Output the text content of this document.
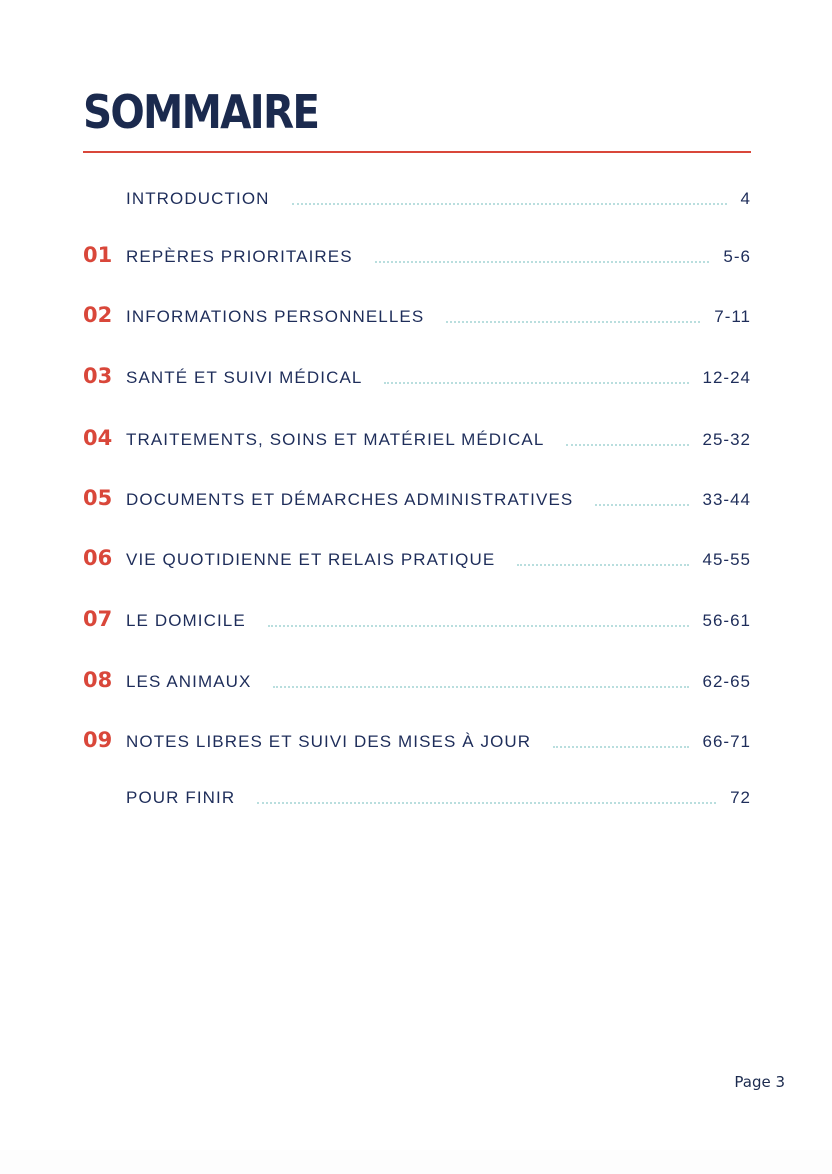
SOMMAIRE
INTRODUCTION	4
01 REPÈRES PRIORITAIRES	5-6
02 INFORMATIONS PERSONNELLES	7-11
03 SANTÉ ET SUIVI MÉDICAL	12-24
04 TRAITEMENTS, SOINS ET MATÉRIEL MÉDICAL	25-32
05 DOCUMENTS ET DÉMARCHES ADMINISTRATIVES	33-44
06 VIE QUOTIDIENNE ET RELAIS PRATIQUE	45-55
07 LE DOMICILE	56-61
08 LES ANIMAUX	62-65
09 NOTES LIBRES ET SUIVI DES MISES À JOUR	66-71
POUR FINIR	72
Page 3
